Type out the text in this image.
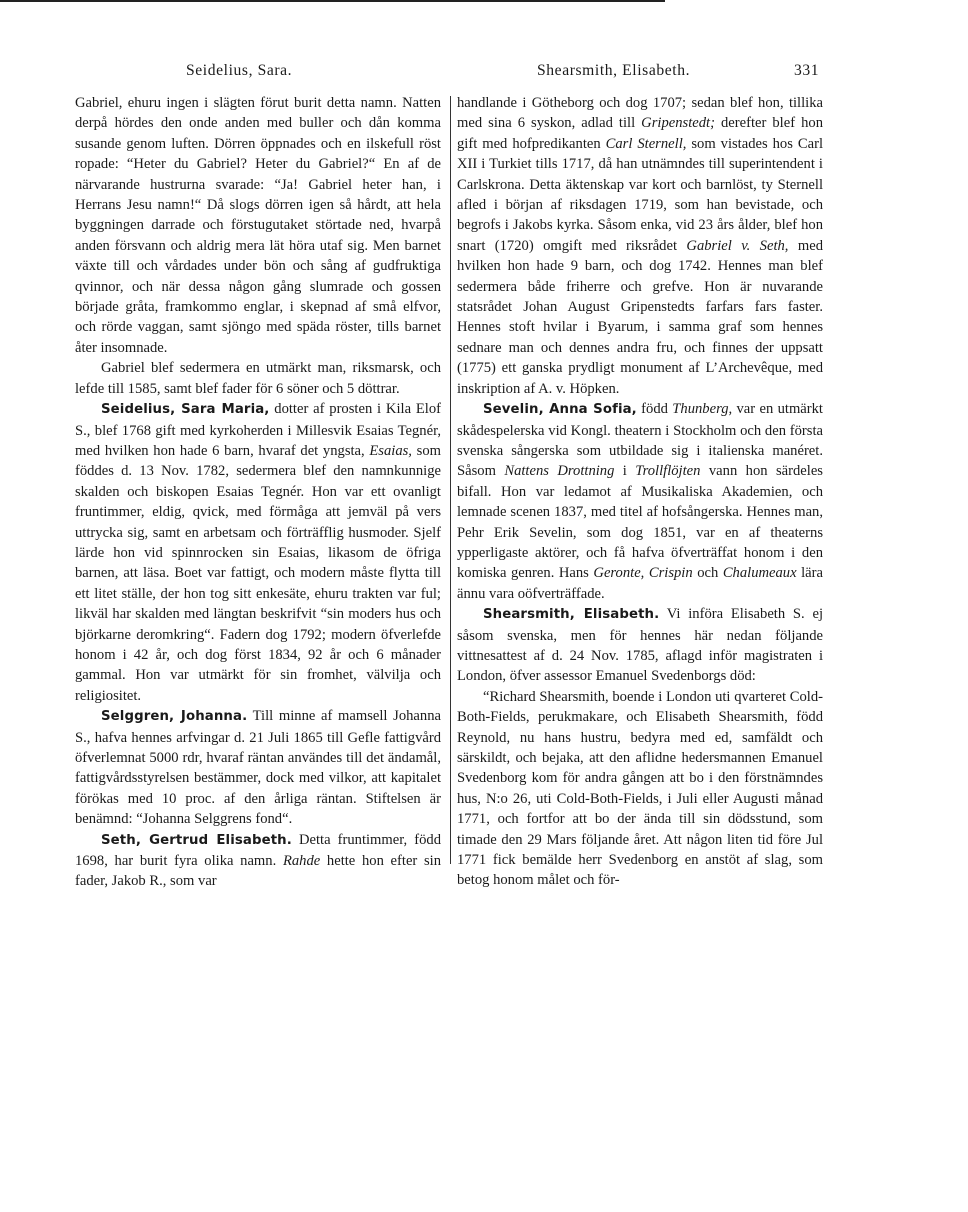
Seidelius, Sara.	Shearsmith, Elisabeth.	331

Gabriel, ehuru ingen i slägten förut burit detta namn. Natten derpå hördes den onde anden med buller och dån komma susande genom luften. Dörren öppnades och en ilskefull röst ropade: “Heter du Gabriel? Heter du Gabriel?“ En af de närvarande hustrurna svarade: “Ja! Gabriel heter han, i Herrans Jesu namn!“ Då slogs dörren igen så hårdt, att hela byggningen darrade och förstugutaket störtade ned, hvarpå anden försvann och aldrig mera lät höra utaf sig. Men barnet växte till och vårdades under bön och sång af gudfruktiga qvinnor, och när dessa någon gång slumrade och gossen började gråta, framkommo englar, i skepnad af små elfvor, och rörde vaggan, samt sjöngo med späda röster, tills barnet åter insomnade.

Gabriel blef sedermera en utmärkt man, riksmarsk, och lefde till 1585, samt blef fader för 6 söner och 5 döttrar.

Seidelius, Sara Maria, dotter af prosten i Kila Elof S., blef 1768 gift med kyrkoherden i Millesvik Esaias Tegnér, med hvilken hon hade 6 barn, hvaraf det yngsta, Esaias, som föddes d. 13 Nov. 1782, sedermera blef den namnkunnige skalden och biskopen Esaias Tegnér. Hon var ett ovanligt fruntimmer, eldig, qvick, med förmåga att jemväl på vers uttrycka sig, samt en arbetsam och förträfflig husmoder. Sjelf lärde hon vid spinnrocken sin Esaias, likasom de öfriga barnen, att läsa. Boet var fattigt, och modern måste flytta till ett litet ställe, der hon tog sitt enkesäte, ehuru trakten var ful; likväl har skalden med längtan beskrifvit “sin moders hus och björkarne deromkring“. Fadern dog 1792; modern öfverlefde honom i 42 år, och dog först 1834, 92 år och 6 månader gammal. Hon var utmärkt för sin fromhet, välvilja och religiositet.

Selggren, Johanna. Till minne af mamsell Johanna S., hafva hennes arfvingar d. 21 Juli 1865 till Gefle fattigvård öfverlemnat 5000 rdr, hvaraf räntan användes till det ändamål, fattigvårdsstyrelsen bestämmer, dock med vilkor, att kapitalet förökas med 10 proc. af den årliga räntan. Stiftelsen är benämnd: “Johanna Selggrens fond“.

Seth, Gertrud Elisabeth. Detta fruntimmer, född 1698, har burit fyra olika namn. Rahde hette hon efter sin fader, Jakob R., som var

handlande i Götheborg och dog 1707; sedan blef hon, tillika med sina 6 syskon, adlad till Gripenstedt; derefter blef hon gift med hofpredikanten Carl Sternell, som vistades hos Carl XII i Turkiet tills 1717, då han utnämndes till superintendent i Carlskrona. Detta äktenskap var kort och barnlöst, ty Sternell afled i början af riksdagen 1719, som han bevistade, och begrofs i Jakobs kyrka. Såsom enka, vid 23 års ålder, blef hon snart (1720) omgift med riksrådet Gabriel v. Seth, med hvilken hon hade 9 barn, och dog 1742. Hennes man blef sedermera både friherre och grefve. Hon är nuvarande statsrådet Johan August Gripenstedts farfars fars faster. Hennes stoft hvilar i Byarum, i samma graf som hennes sednare man och dennes andra fru, och finnes der uppsatt (1775) ett ganska prydligt monument af L’Archevêque, med inskription af A. v. Höpken.

Sevelin, Anna Sofia, född Thunberg, var en utmärkt skådespelerska vid Kongl. theatern i Stockholm och den första svenska sångerska som utbildade sig i italienska manéret. Såsom Nattens Drottning i Trollflöjten vann hon särdeles bifall. Hon var ledamot af Musikaliska Akademien, och lemnade scenen 1837, med titel af hofsångerska. Hennes man, Pehr Erik Sevelin, som dog 1851, var en af theaterns ypperligaste aktörer, och få hafva öfverträffat honom i den komiska genren. Hans Geronte, Crispin och Chalumeaux lära ännu vara oöfverträffade.

Shearsmith, Elisabeth. Vi införa Elisabeth S. ej såsom svenska, men för hennes här nedan följande vittnesattest af d. 24 Nov. 1785, aflagd inför magistraten i London, öfver assessor Emanuel Svedenborgs död:

“Richard Shearsmith, boende i London uti qvarteret Cold-Both-Fields, perukmakare, och Elisabeth Shearsmith, född Reynold, nu hans hustru, bedyra med ed, samfäldt och särskildt, och bejaka, att den aflidne hedersmannen Emanuel Svedenborg kom för andra gången att bo i den förstnämndes hus, N:o 26, uti Cold-Both-Fields, i Juli eller Augusti månad 1771, och fortfor att bo der ända till sin dödsstund, som timade den 29 Mars följande året. Att någon liten tid före Jul 1771 fick bemälde herr Svedenborg en anstöt af slag, som betog honom målet och för-
